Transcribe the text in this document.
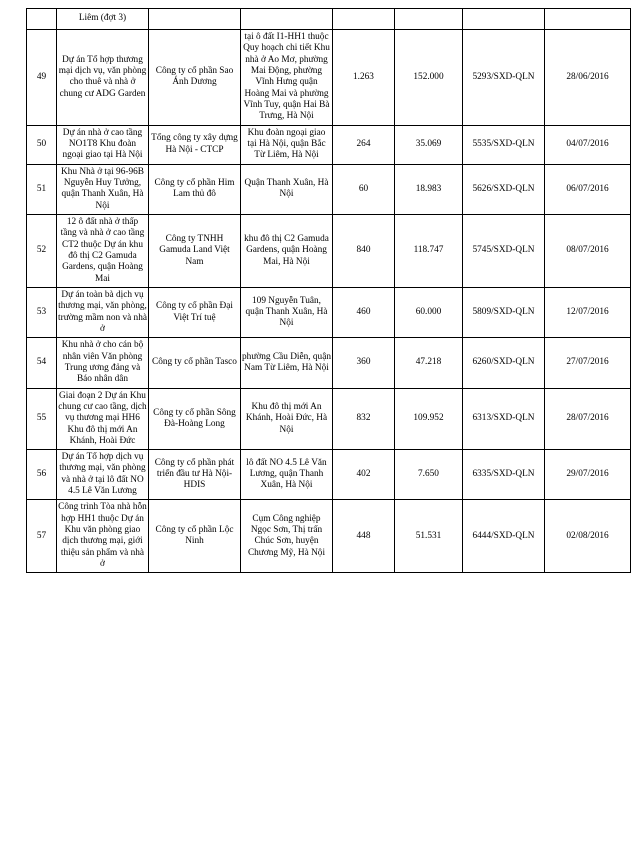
	Liêm (đợt 3)						
49	Dự án Tổ hợp thương mại dịch vụ, văn phòng cho thuê và nhà ở chung cư ADG Garden	Công ty cổ phần Sao Ánh Dương	tại ô đất I1-HH1 thuộc Quy hoạch chi tiết Khu nhà ở Ao Mơ, phường Mai Động, phường Vĩnh Hưng quận Hoàng Mai và phường Vĩnh Tuy, quận Hai Bà Trưng, Hà Nội	1.263	152.000	5293/SXD-QLN	28/06/2016
50	Dự án nhà ở cao tầng NO1T8 Khu đoàn ngoại giao tại Hà Nội	Tổng công ty xây dựng Hà Nội - CTCP	Khu đoàn ngoại giao tại Hà Nội, quận Bắc Từ Liêm, Hà Nội	264	35.069	5535/SXD-QLN	04/07/2016
51	Khu Nhà ở tại 96-96B Nguyễn Huy Tưởng, quận Thanh Xuân, Hà Nội	Công ty cổ phần Him Lam thủ đô	Quận Thanh Xuân, Hà Nội	60	18.983	5626/SXD-QLN	06/07/2016
52	12 ô đất nhà ở thấp tầng và nhà ở cao tầng CT2 thuộc Dự án khu đô thị C2 Gamuda Gardens, quận Hoàng Mai	Công ty TNHH Gamuda Land Việt Nam	khu đô thị C2 Gamuda Gardens, quận Hoàng Mai, Hà Nội	840	118.747	5745/SXD-QLN	08/07/2016
53	Dự án toàn bà dịch vụ thương mại, văn phòng, trường mầm non và nhà ở	Công ty cổ phần Đại Việt Trí tuệ	109 Nguyễn Tuân, quận Thanh Xuân, Hà Nội	460	60.000	5809/SXD-QLN	12/07/2016
54	Khu nhà ở cho cán bộ nhân viên Văn phòng Trung ương đảng và Báo nhân dân	Công ty cổ phần Tasco	phường Cầu Diễn, quận Nam Từ Liêm, Hà Nội	360	47.218	6260/SXD-QLN	27/07/2016
55	Giai đoạn 2 Dự án Khu chung cư cao tầng, dịch vụ thương mại HH6 Khu đô thị mới An Khánh, Hoài Đức	Công ty cổ phần Sông Đà-Hoàng Long	Khu đô thị mới An Khánh, Hoài Đức, Hà Nội	832	109.952	6313/SXD-QLN	28/07/2016
56	Dự án Tổ hợp dịch vụ thương mại, văn phòng và nhà ở tại lô đất NO 4.5 Lê Văn Lương	Công ty cổ phần phát triển đầu tư Hà Nội-HDIS	lô đất NO 4.5 Lê Văn Lương, quận Thanh Xuân, Hà Nội	402	7.650	6335/SXD-QLN	29/07/2016
57	Công trình Tòa nhà hỗn hợp HH1 thuộc Dự án Khu văn phòng giao dịch thương mại, giới thiệu sản phẩm và nhà ở	Công ty cổ phần Lộc Ninh	Cụm Công nghiệp Ngọc Sơn, Thị trấn Chúc Sơn, huyện Chương Mỹ, Hà Nội	448	51.531	6444/SXD-QLN	02/08/2016
